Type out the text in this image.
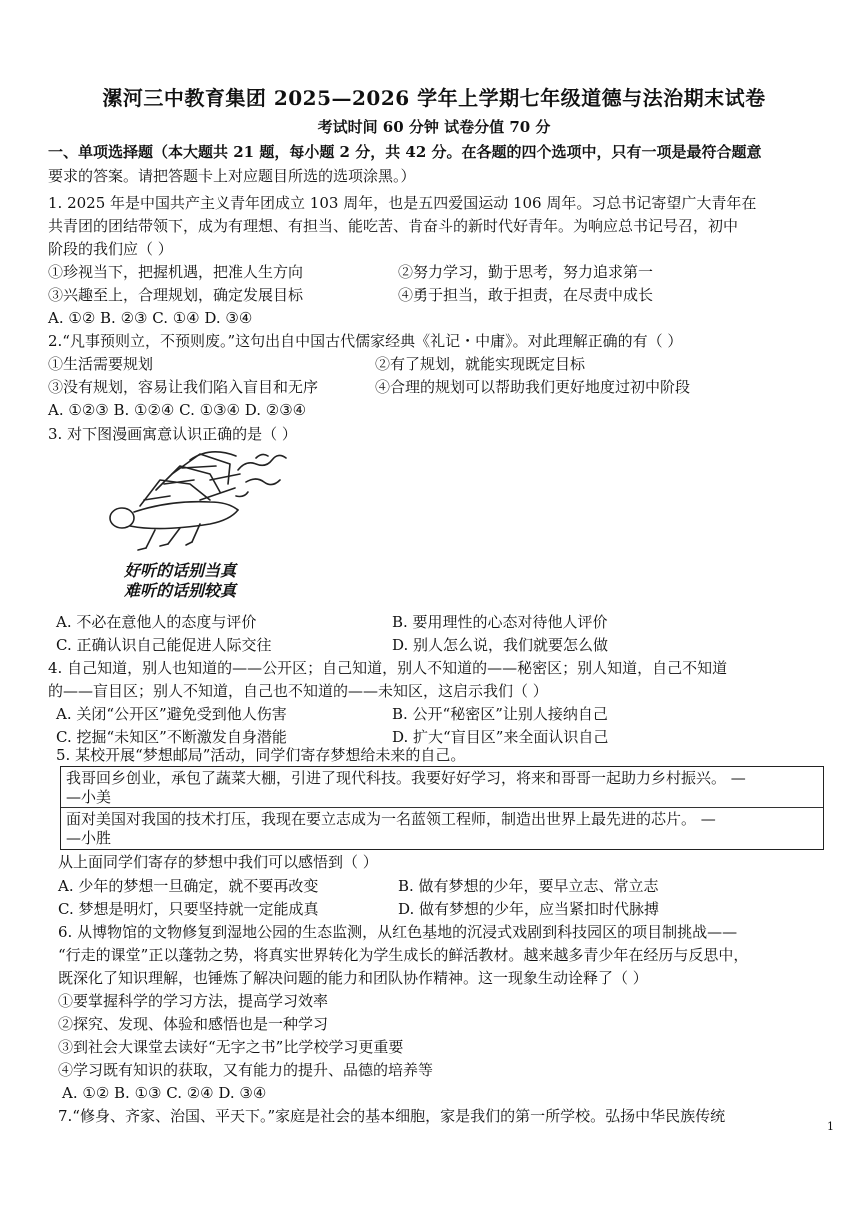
漯河三中教育集团 2025—2026 学年上学期七年级道德与法治期末试卷
考试时间 60 分钟 试卷分值 70 分
一、单项选择题（本大题共 21 题，每小题 2 分，共 42 分。在各题的四个选项中，只有一项是最符合题意
要求的答案。请把答题卡上对应题目所选的选项涂黑。）
1. 2025 年是中国共产主义青年团成立 103 周年，也是五四爱国运动 106 周年。习总书记寄望广大青年在
共青团的团结带领下，成为有理想、有担当、能吃苦、肯奋斗的新时代好青年。为响应总书记号召，初中
阶段的我们应（ ）
①珍视当下，把握机遇，把准人生方向	②努力学习，勤于思考，努力追求第一
③兴趣至上，合理规划，确定发展目标	④勇于担当，敢于担责，在尽责中成长
A. ①② B. ②③ C. ①④ D. ③④
2.“凡事预则立，不预则废。”这句出自中国古代儒家经典《礼记・中庸》。对此理解正确的有（ ）
①生活需要规划	②有了规划，就能实现既定目标
③没有规划，容易让我们陷入盲目和无序	④合理的规划可以帮助我们更好地度过初中阶段
A. ①②③ B. ①②④ C. ①③④ D. ②③④
3. 对下图漫画寓意认识正确的是（ ）
好听的话别当真
难听的话别较真
A. 不必在意他人的态度与评价	B. 要用理性的心态对待他人评价
C. 正确认识自己能促进人际交往	D. 别人怎么说，我们就要怎么做
4. 自己知道，别人也知道的——公开区；自己知道，别人不知道的——秘密区；别人知道，自己不知道
的——盲目区；别人不知道，自己也不知道的——未知区，这启示我们（ ）
A. 关闭“公开区”避免受到他人伤害	B. 公开“秘密区”让别人接纳自己
C. 挖掘“未知区”不断激发自身潜能	D. 扩大“盲目区”来全面认识自己
5. 某校开展“梦想邮局”活动，同学们寄存梦想给未来的自己。
我哥回乡创业，承包了蔬菜大棚，引进了现代科技。我要好好学习，将来和哥哥一起助力乡村振兴。 —
—小美
面对美国对我国的技术打压，我现在要立志成为一名蓝领工程师，制造出世界上最先进的芯片。 —
—小胜
从上面同学们寄存的梦想中我们可以感悟到（ ）
A. 少年的梦想一旦确定，就不要再改变	B. 做有梦想的少年，要早立志、常立志
C. 梦想是明灯，只要坚持就一定能成真	D. 做有梦想的少年，应当紧扣时代脉搏
6. 从博物馆的文物修复到湿地公园的生态监测，从红色基地的沉浸式戏剧到科技园区的项目制挑战——
“行走的课堂”正以蓬勃之势，将真实世界转化为学生成长的鲜活教材。越来越多青少年在经历与反思中，
既深化了知识理解，也锤炼了解决问题的能力和团队协作精神。这一现象生动诠释了（ ）
①要掌握科学的学习方法，提高学习效率
②探究、发现、体验和感悟也是一种学习
③到社会大课堂去读好“无字之书”比学校学习更重要
④学习既有知识的获取，又有能力的提升、品德的培养等
A. ①② B. ①③ C. ②④ D. ③④
7.“修身、齐家、治国、平天下。”家庭是社会的基本细胞，家是我们的第一所学校。弘扬中华民族传统
1
